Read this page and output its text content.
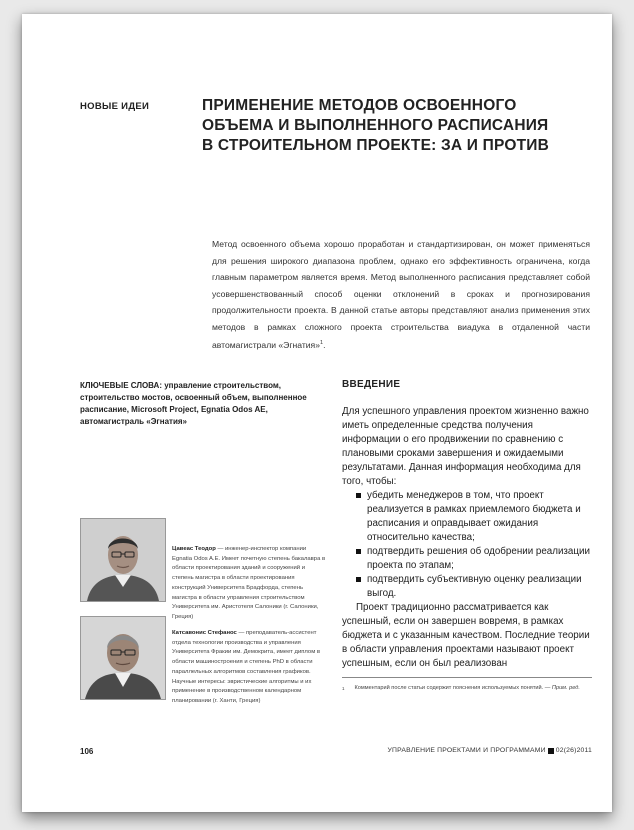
НОВЫЕ ИДЕИ	ПРИМЕНЕНИЕ МЕТОДОВ ОСВОЕННОГО
ОБЪЕМА И ВЫПОЛНЕННОГО РАСПИСАНИЯ
В СТРОИТЕЛЬНОМ ПРОЕКТЕ: ЗА И ПРОТИВ
Метод освоенного объема хорошо проработан и стандартизирован, он может применяться для решения широкого диапазона проблем, однако его эффективность ограничена, когда главным параметром является время. Метод выполненного расписания представляет собой усовершенствованный способ оценки отклонений в сроках и прогнозирования продолжительности проекта. В данной статье авторы представляют анализ применения этих методов в рамках сложного проекта строительства виадука в отдаленной части автомагистрали «Эгнатия»$^1$.
КЛЮЧЕВЫЕ СЛОВА: управление строительством, строительство мостов, освоенный объем, выполненное расписание, Microsoft Project, Egnatia Odos AE, автомагистраль «Эгнатия»
ВВЕДЕНИЕ

Для успешного управления проектом жизненно важно иметь определенные средства получения информации о его продвижении по сравнению с плановыми сроками завершения и ожидаемыми результатами. Данная информация необходима для того, чтобы:

убедить менеджеров в том, что проект реализуется в рамках приемлемого бюджета и расписания и оправдывает ожидания относительно качества;
подтвердить решения об одобрении реализации проекта по этапам;
подтвердить субъективную оценку реализации выгод.

Проект традиционно рассматривается как успешный, если он завершен вовремя, в рамках бюджета и с указанным качеством. Последние теории в области управления проектами называют проект успешным, если он был реализован

Цавеас Теодор — инженер-инспектор компании Egnatia Odos A.E. Имеет почетную степень бакалавра в области проектирования зданий и сооружений и степень магистра в области проектирования конструкций Университета Брадфорда, степень магистра в области управления строительством Университета им. Аристотеля Салоники (г. Салоники, Греция)
Катсавонис Стефанос — преподаватель-ассистент отдела технологии производства и управления Университета Фракии им. Демокрита, имеет диплом в области машиностроения и степень PhD в области параллельных алгоритмов составления графиков. Научные интересы: эвристические алгоритмы и их применение в производственном календарном планировании (г. Ханти, Греция)
$^1$ Комментарий после статьи содержит пояснения используемых понятий. — Прим. ред.
106	УПРАВЛЕНИЕ ПРОЕКТАМИ И ПРОГРАММАМИ 02(26)2011
